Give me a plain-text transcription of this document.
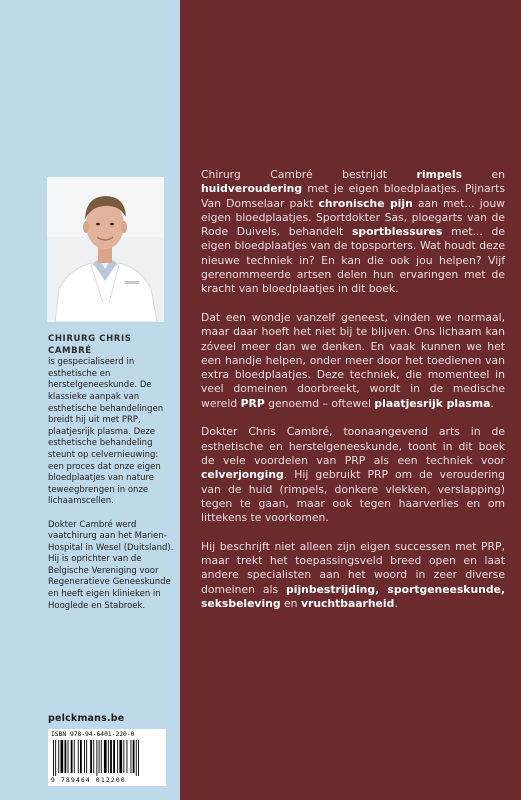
CHIRURG CHRIS CAMBRÉ
is gespecialiseerd in esthetische en herstelgeneeskunde. De klassieke aanpak van esthetische behandelingen breidt hij uit met PRP, plaatjesrijk plasma. Deze esthetische behandeling steunt op celvernieuwing: een proces dat onze eigen bloedplaatjes van nature teweegbrengen in onze lichaamscellen.

Dokter Cambré werd vaatchirurg aan het Marien-Hospital in Wesel (Duitsland). Hij is oprichter van de Belgische Vereniging voor Regeneratieve Geneeskunde en heeft eigen klinieken in Hooglede en Stabroek.

pelckmans.be
ISBN 978-94-6401-220-0
9 789464 012200

Chirurg Cambré bestrijdt rimpels en huidveroudering met je eigen bloedplaatjes. Pijnarts Van Domselaar pakt chronische pijn aan met... jouw eigen bloedplaatjes. Sportdokter Sas, ploegarts van de Rode Duivels, behandelt sportblessures met... de eigen bloedplaatjes van de topsporters. Wat houdt deze nieuwe techniek in? En kan die ook jou helpen? Vijf gerenommeerde artsen delen hun ervaringen met de kracht van bloedplaatjes in dit boek.

Dat een wondje vanzelf geneest, vinden we normaal, maar daar hoeft het niet bij te blijven. Ons lichaam kan zóveel meer dan we denken. En vaak kunnen we het een handje helpen, onder meer door het toedienen van extra bloedplaatjes. Deze techniek, die momenteel in veel domeinen doorbreekt, wordt in de medische wereld PRP genoemd – oftewel plaatjesrijk plasma.

Dokter Chris Cambré, toonaangevend arts in de esthetische en herstelgeneeskunde, toont in dit boek de vele voordelen van PRP als een techniek voor celverjonging. Hij gebruikt PRP om de veroudering van de huid (rimpels, donkere vlekken, verslapping) tegen te gaan, maar ook tegen haarverlies en om littekens te voorkomen.

Hij beschrijft niet alleen zijn eigen successen met PRP, maar trekt het toepassingsveld breed open en laat andere specialisten aan het woord in zeer diverse domeinen als pijnbestrijding, sportgeneeskunde, seksbeleving en vruchtbaarheid.
